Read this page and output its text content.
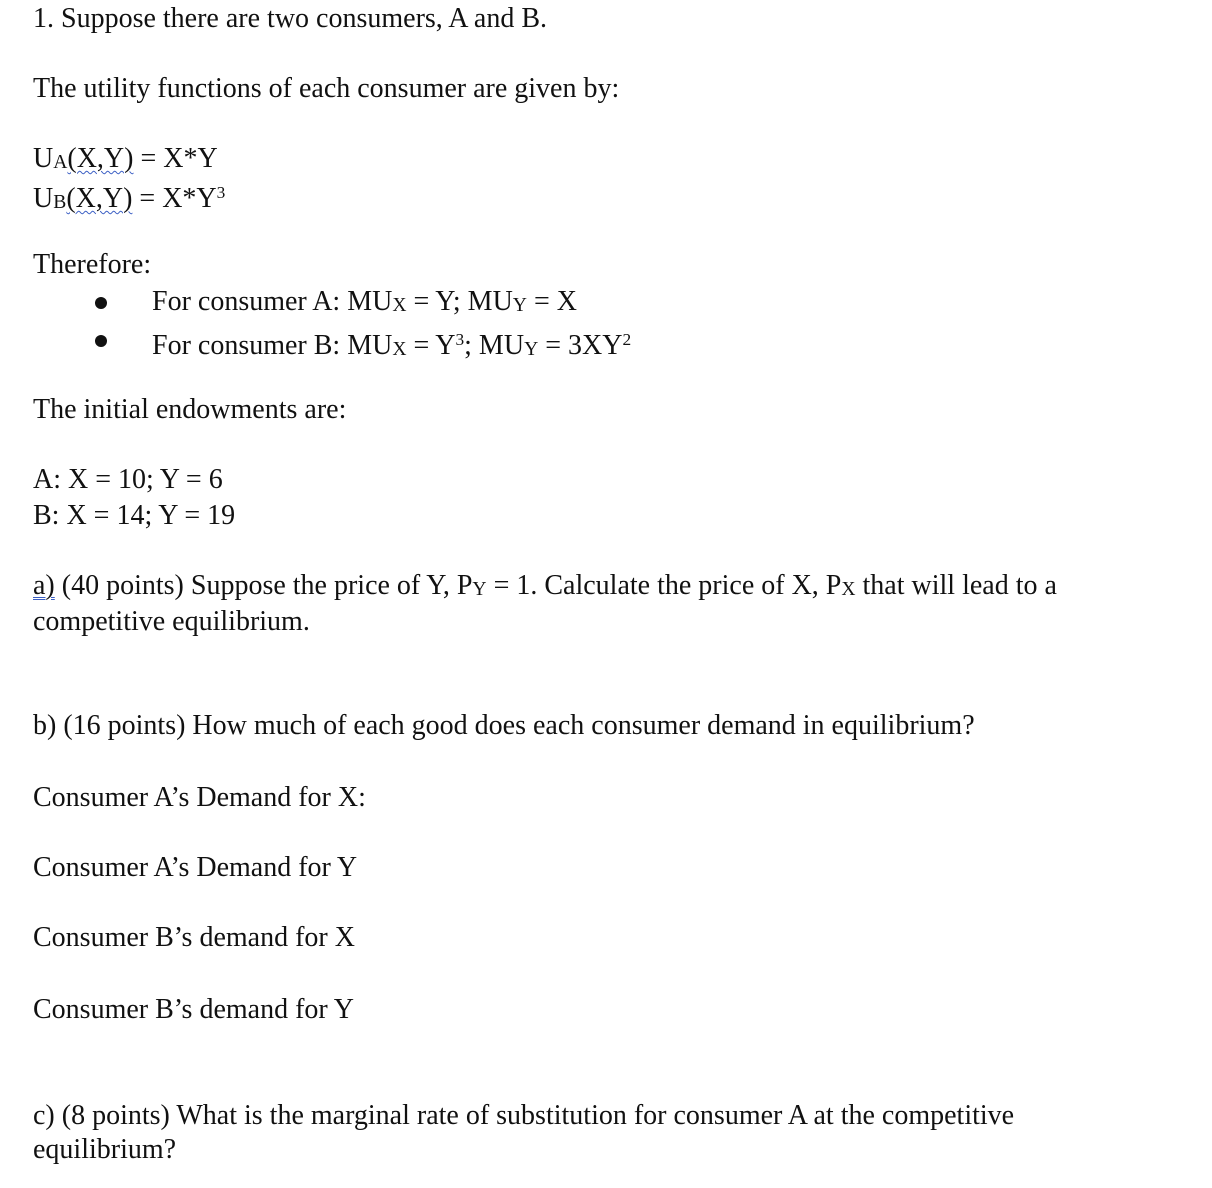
1. Suppose there are two consumers, A and B.
The utility functions of each consumer are given by:
UA(X,Y) = X*Y
$UB(X,Y) = X*Y^3$
Therefore:
For consumer A: MUX = Y; MUY = X
For consumer B: MUX = $Y^3$; MUY = $3XY^2$
The initial endowments are:
A: X = 10; Y = 6
B: X = 14; Y = 19
a) (40 points) Suppose the price of Y, PY = 1. Calculate the price of X, PX that will lead to a
competitive equilibrium.
b) (16 points) How much of each good does each consumer demand in equilibrium?
Consumer A’s Demand for X:
Consumer A’s Demand for Y
Consumer B’s demand for X
Consumer B’s demand for Y
c) (8 points) What is the marginal rate of substitution for consumer A at the competitive
equilibrium?
